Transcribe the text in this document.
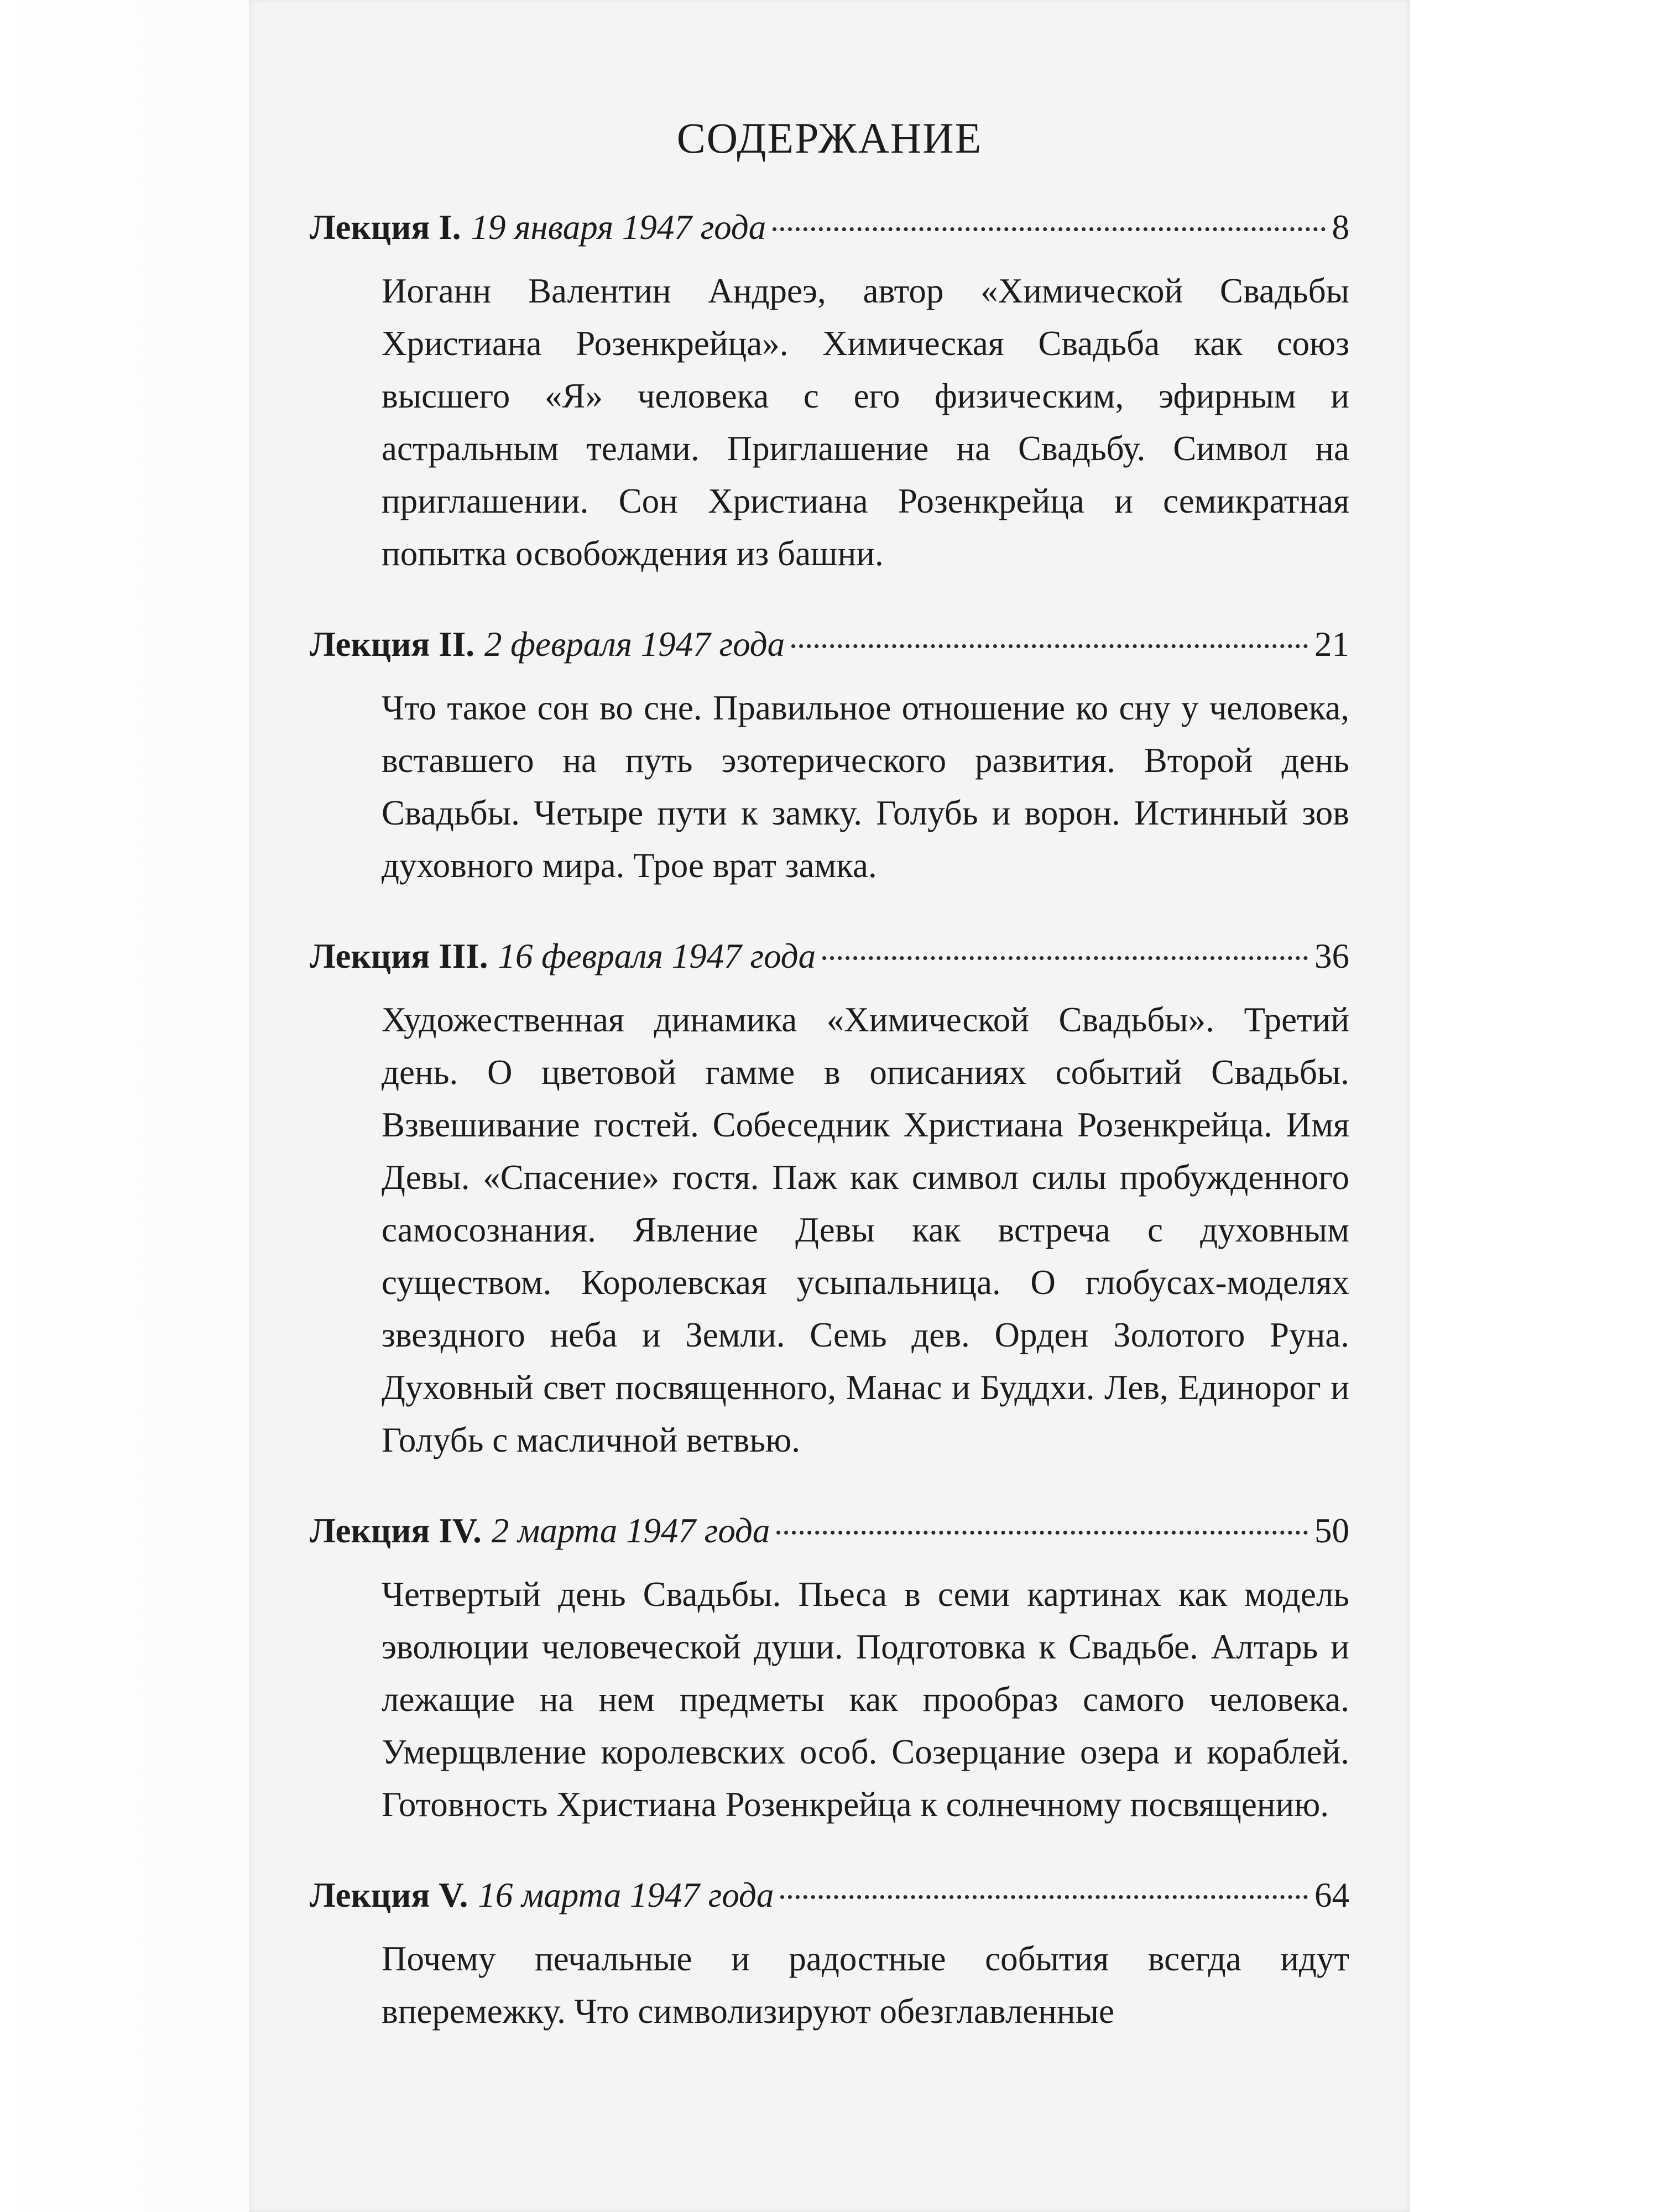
СОДЕРЖАНИЕ
Лекция I. 19 января 1947 года	8
Иоганн Валентин Андреэ, автор «Химической Свадьбы Христиана Розенкрейца». Химическая Свадьба как союз высшего «Я» человека с его физическим, эфирным и астральным телами. Приглашение на Свадьбу. Символ на приглашении. Сон Христиана Розенкрейца и семикратная попытка освобождения из башни.
Лекция II. 2 февраля 1947 года	21
Что такое сон во сне. Правильное отношение ко сну у человека, вставшего на путь эзотерического развития. Второй день Свадьбы. Четыре пути к замку. Голубь и ворон. Истинный зов духовного мира. Трое врат замка.
Лекция III. 16 февраля 1947 года	36
Художественная динамика «Химической Свадьбы». Третий день. О цветовой гамме в описаниях событий Свадьбы. Взвешивание гостей. Собеседник Христиана Розенкрейца. Имя Девы. «Спасение» гостя. Паж как символ силы пробужденного самосознания. Явление Девы как встреча с духовным существом. Королевская усыпальница. О глобусах-моделях звездного неба и Земли. Семь дев. Орден Золотого Руна. Духовный свет посвященного, Манас и Буддхи. Лев, Единорог и Голубь с масличной ветвью.
Лекция IV. 2 марта 1947 года	50
Четвертый день Свадьбы. Пьеса в семи картинах как модель эволюции человеческой души. Подготовка к Свадьбе. Алтарь и лежащие на нем предметы как прообраз самого человека. Умерщвление королевских особ. Созерцание озера и кораблей. Готовность Христиана Розенкрейца к солнечному посвящению.
Лекция V. 16 марта 1947 года	64
Почему печальные и радостные события всегда идут вперемежку. Что символизируют обезглавленные
